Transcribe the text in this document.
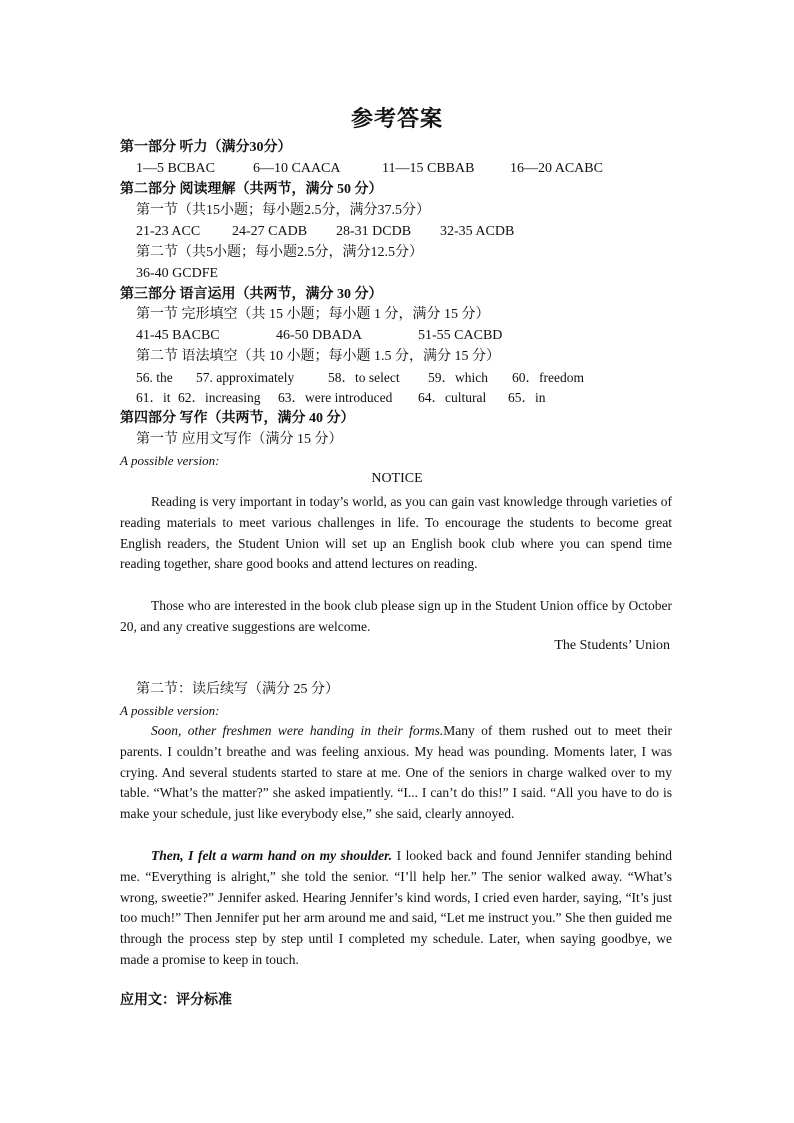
参考答案
第一部分 听力（满分30分）
1—5 BCBAC	6—10 CAACA	11—15 CBBAB	16—20 ACABC
第二部分 阅读理解（共两节，满分 50 分）
第一节（共15小题；每小题2.5分，满分37.5分）
21-23 ACC 24-27 CADB 28-31 DCDB 32-35 ACDB
第二节（共5小题；每小题2.5分，满分12.5分）
36-40 GCDFE
第三部分 语言运用（共两节，满分 30 分）
第一节 完形填空（共 15 小题；每小题 1 分，满分 15 分）
41-45 BACBC	46-50 DBADA	51-55 CACBD
第二节 语法填空（共 10 小题；每小题 1.5 分，满分 15 分）
56. the 57. approximately	58．to select 59．which 60．freedom
61．it 62．increasing 63．were introduced 64．cultural 65．in
第四部分 写作（共两节，满分 40 分）
第一节 应用文写作（满分 15 分）
A possible version:
NOTICE
Reading is very important in today’s world, as you can gain vast knowledge through varieties of reading materials to meet various challenges in life. To encourage the students to become great English readers, the Student Union will set up an English book club where you can spend time reading together, share good books and attend lectures on reading.
Those who are interested in the book club please sign up in the Student Union office by October 20, and any creative suggestions are welcome.
The Students’ Union
第二节：读后续写（满分 25 分）
A possible version:
Soon, other freshmen were handing in their forms.Many of them rushed out to meet their parents. I couldn’t breathe and was feeling anxious. My head was pounding. Moments later, I was crying. And several students started to stare at me. One of the seniors in charge walked over to my table. “What’s the matter?” she asked impatiently. “I... I can’t do this!” I said. “All you have to do is make your schedule, just like everybody else,” she said, clearly annoyed.
Then, I felt a warm hand on my shoulder. I looked back and found Jennifer standing behind me. “Everything is alright,” she told the senior. “I’ll help her.” The senior walked away. “What’s wrong, sweetie?” Jennifer asked. Hearing Jennifer’s kind words, I cried even harder, saying, “It’s just too much!” Then Jennifer put her arm around me and said, “Let me instruct you.” She then guided me through the process step by step until I completed my schedule. Later, when saying goodbye, we made a promise to keep in touch.
应用文：评分标准
